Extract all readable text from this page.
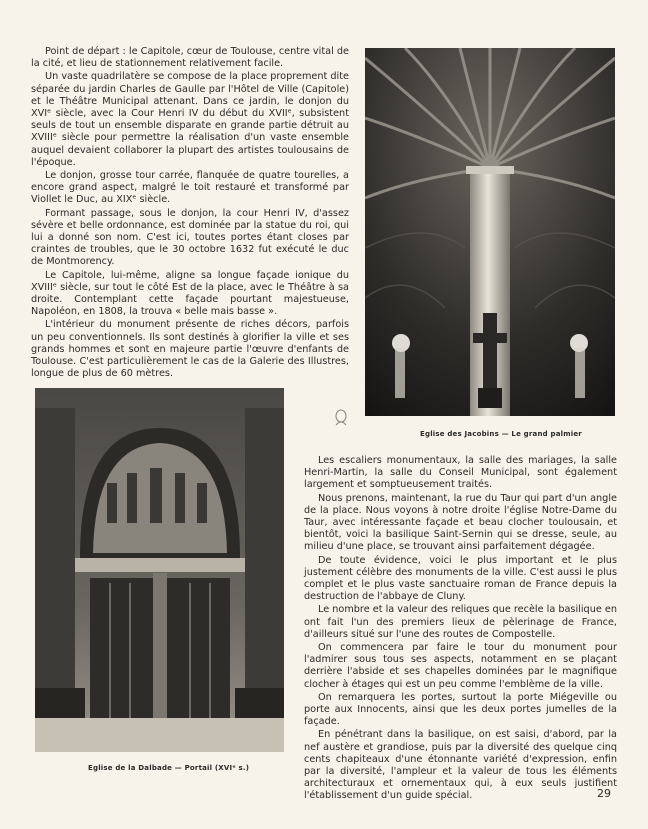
Point de départ : le Capitole, cœur de Toulouse, centre vital de la cité, et lieu de stationnement relativement facile.

Un vaste quadrilatère se compose de la place proprement dite séparée du jardin Charles de Gaulle par l'Hôtel de Ville (Capitole) et le Théâtre Municipal attenant. Dans ce jardin, le donjon du XVIᵉ siècle, avec la Cour Henri IV du début du XVIIᵉ, subsistent seuls de tout un ensemble disparate en grande partie détruit au XVIIIᵉ siècle pour permettre la réalisation d'un vaste ensemble auquel devaient collaborer la plupart des artistes toulousains de l'époque.

Le donjon, grosse tour carrée, flanquée de quatre tourelles, a encore grand aspect, malgré le toit restauré et transformé par Viollet le Duc, au XIXᵉ siècle.

Formant passage, sous le donjon, la cour Henri IV, d'assez sévère et belle ordonnance, est dominée par la statue du roi, qui lui a donné son nom. C'est ici, toutes portes étant closes par craintes de troubles, que le 30 octobre 1632 fut exécuté le duc de Montmorency.

Le Capitole, lui-même, aligne sa longue façade ionique du XVIIIᵉ siècle, sur tout le côté Est de la place, avec le Théâtre à sa droite. Contemplant cette façade pourtant majestueuse, Napoléon, en 1808, la trouva « belle mais basse ».

L'intérieur du monument présente de riches décors, parfois un peu conventionnels. Ils sont destinés à glorifier la ville et ses grands hommes et sont en majeure partie l'œuvre d'enfants de Toulouse. C'est particulièrement le cas de la Galerie des Illustres, longue de plus de 60 mètres.

Eglise des Jacobins — Le grand palmier
Eglise de la Dalbade — Portail (XVIᵉ s.)

Les escaliers monumentaux, la salle des mariages, la salle Henri-Martin, la salle du Conseil Municipal, sont également largement et somptueusement traités.

Nous prenons, maintenant, la rue du Taur qui part d'un angle de la place. Nous voyons à notre droite l'église Notre-Dame du Taur, avec intéressante façade et beau clocher toulousain, et bientôt, voici la basilique Saint-Sernin qui se dresse, seule, au milieu d'une place, se trouvant ainsi parfaitement dégagée.

De toute évidence, voici le plus important et le plus justement célèbre des monuments de la ville. C'est aussi le plus complet et le plus vaste sanctuaire roman de France depuis la destruction de l'abbaye de Cluny.

Le nombre et la valeur des reliques que recèle la basilique en ont fait l'un des premiers lieux de pèlerinage de France, d'ailleurs situé sur l'une des routes de Compostelle.

On commencera par faire le tour du monument pour l'admirer sous tous ses aspects, notamment en se plaçant derrière l'abside et ses chapelles dominées par le magnifique clocher à étages qui est un peu comme l'emblème de la ville.

On remarquera les portes, surtout la porte Miégeville ou porte aux Innocents, ainsi que les deux portes jumelles de la façade.

En pénétrant dans la basilique, on est saisi, d'abord, par la nef austère et grandiose, puis par la diversité des quelque cinq cents chapiteaux d'une étonnante variété d'expression, enfin par la diversité, l'ampleur et la valeur de tous les éléments architecturaux et ornementaux qui, à eux seuls justifient l'établissement d'un guide spécial.	29
